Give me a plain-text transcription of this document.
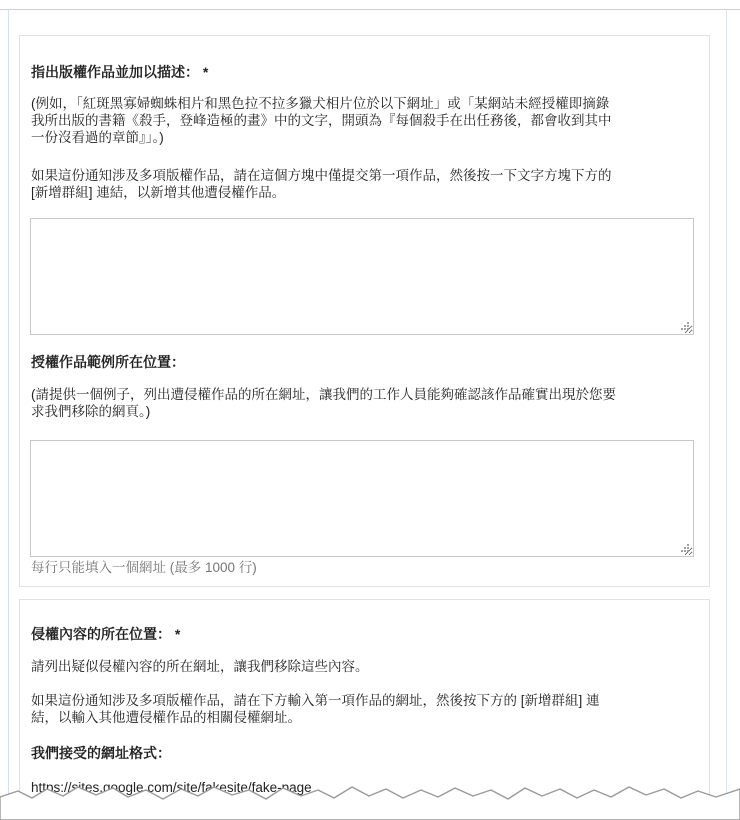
指出版權作品並加以描述： *
(例如，「紅斑黑寡婦蜘蛛相片和黑色拉不拉多獵犬相片位於以下網址」或「某網站未經授權即摘錄
我所出版的書籍《殺手，登峰造極的畫》中的文字，開頭為『每個殺手在出任務後，都會收到其中
一份沒看過的章節』」。)
如果這份通知涉及多項版權作品，請在這個方塊中僅提交第一項作品，然後按一下文字方塊下方的
[新增群組] 連結，以新增其他遭侵權作品。
授權作品範例所在位置：
(請提供一個例子，列出遭侵權作品的所在網址，讓我們的工作人員能夠確認該作品確實出現於您要
求我們移除的網頁。)
每行只能填入一個網址 (最多 1000 行)
侵權內容的所在位置： *
請列出疑似侵權內容的所在網址，讓我們移除這些內容。
如果這份通知涉及多項版權作品，請在下方輸入第一項作品的網址，然後按下方的 [新增群組] 連
結，以輸入其他遭侵權作品的相關侵權網址。
我們接受的網址格式：
https://sites.google.com/site/fakesite/fake-page
